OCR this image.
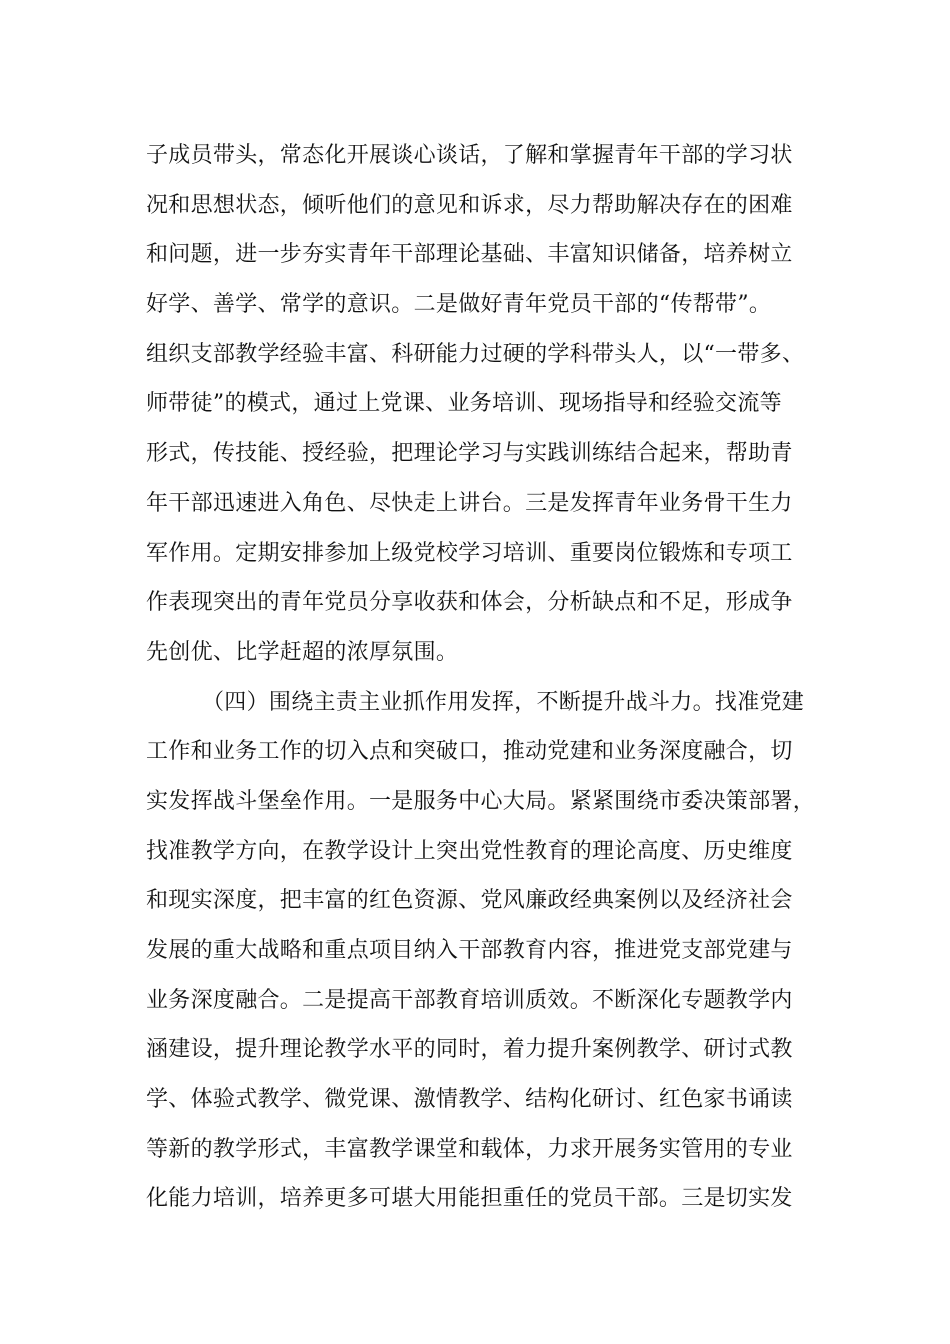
子成员带头，常态化开展谈心谈话，了解和掌握青年干部的学习状
况和思想状态，倾听他们的意见和诉求，尽力帮助解决存在的困难
和问题，进一步夯实青年干部理论基础、丰富知识储备，培养树立
好学、善学、常学的意识。二是做好青年党员干部的“传帮带”。
组织支部教学经验丰富、科研能力过硬的学科带头人，以“一带多、
师带徒”的模式，通过上党课、业务培训、现场指导和经验交流等
形式，传技能、授经验，把理论学习与实践训练结合起来，帮助青
年干部迅速进入角色、尽快走上讲台。三是发挥青年业务骨干生力
军作用。定期安排参加上级党校学习培训、重要岗位锻炼和专项工
作表现突出的青年党员分享收获和体会，分析缺点和不足，形成争
先创优、比学赶超的浓厚氛围。
（四）围绕主责主业抓作用发挥，不断提升战斗力。找准党建
工作和业务工作的切入点和突破口，推动党建和业务深度融合，切
实发挥战斗堡垒作用。一是服务中心大局。紧紧围绕市委决策部署，
找准教学方向，在教学设计上突出党性教育的理论高度、历史维度
和现实深度，把丰富的红色资源、党风廉政经典案例以及经济社会
发展的重大战略和重点项目纳入干部教育内容，推进党支部党建与
业务深度融合。二是提高干部教育培训质效。不断深化专题教学内
涵建设，提升理论教学水平的同时，着力提升案例教学、研讨式教
学、体验式教学、微党课、激情教学、结构化研讨、红色家书诵读
等新的教学形式，丰富教学课堂和载体，力求开展务实管用的专业
化能力培训，培养更多可堪大用能担重任的党员干部。三是切实发
